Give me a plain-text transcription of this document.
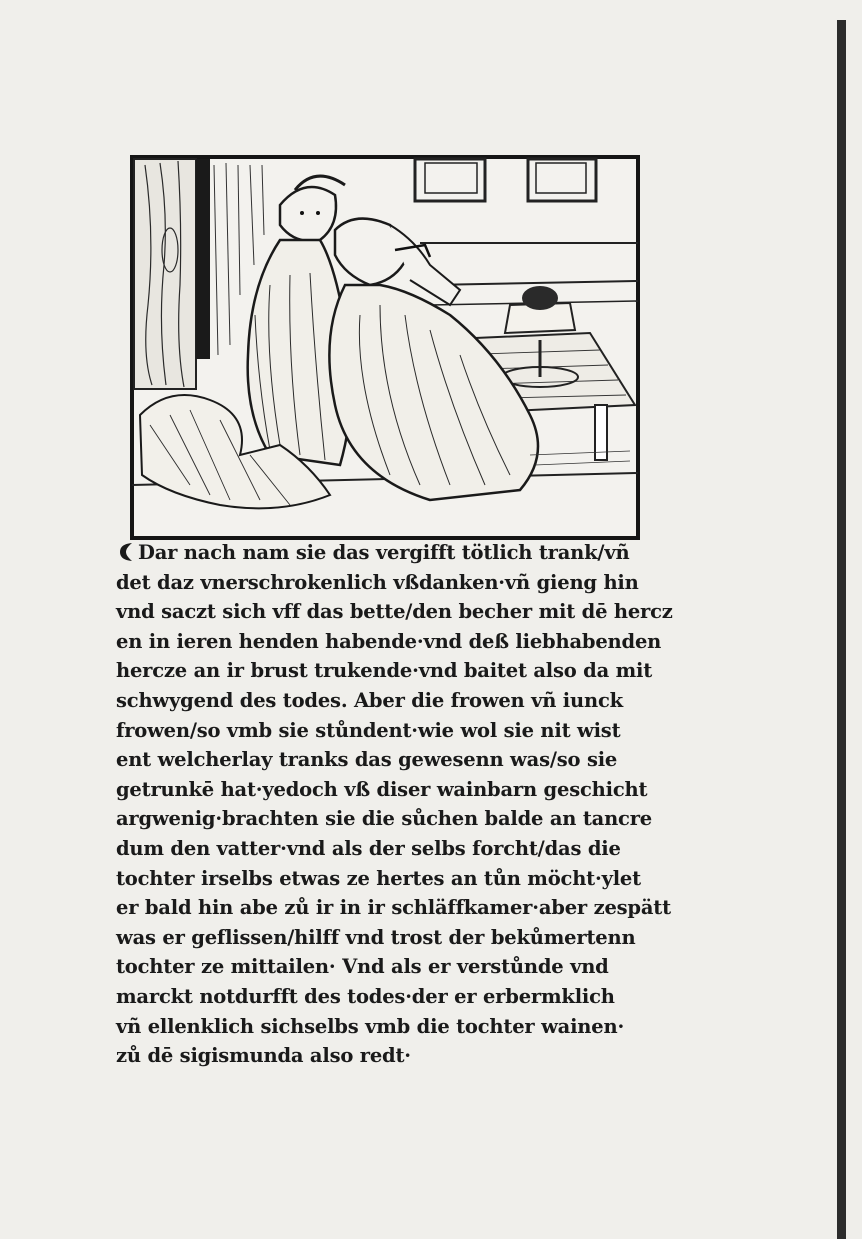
Dar nach nam sie das vergifft tötlich trank/vñ
det daz vnerschrokenlich vßdanken·vñ gieng hin
vnd saczt sich vff das bette/den becher mit dē hercz
en in ieren henden habende·vnd deß liebhabenden
hercze an ir brust trukende·vnd baitet also da mit
schwygend des todes. Aber die frowen vñ iunck
frowen/so vmb sie stůndent·wie wol sie nit wist
ent welcherlay tranks das gewesenn was/so sie
getrunkē hat·yedoch vß diser wainbarn geschicht
argwenig·brachten sie die sůchen balde an tancre
dum den vatter·vnd als der selbs forcht/das die
tochter irselbs etwas ze hertes an tůn möcht·ylet
er bald hin abe zů ir in ir schläffkamer·aber zespätt
was er geflissen/hilff vnd trost der bekůmertenn
tochter ze mittailen· Vnd als er verstůnde vnd
marckt notdurfft des todes·der er erbermklich
vñ ellenklich sichselbs vmb die tochter wainen·
zů dē sigismunda also redt·
